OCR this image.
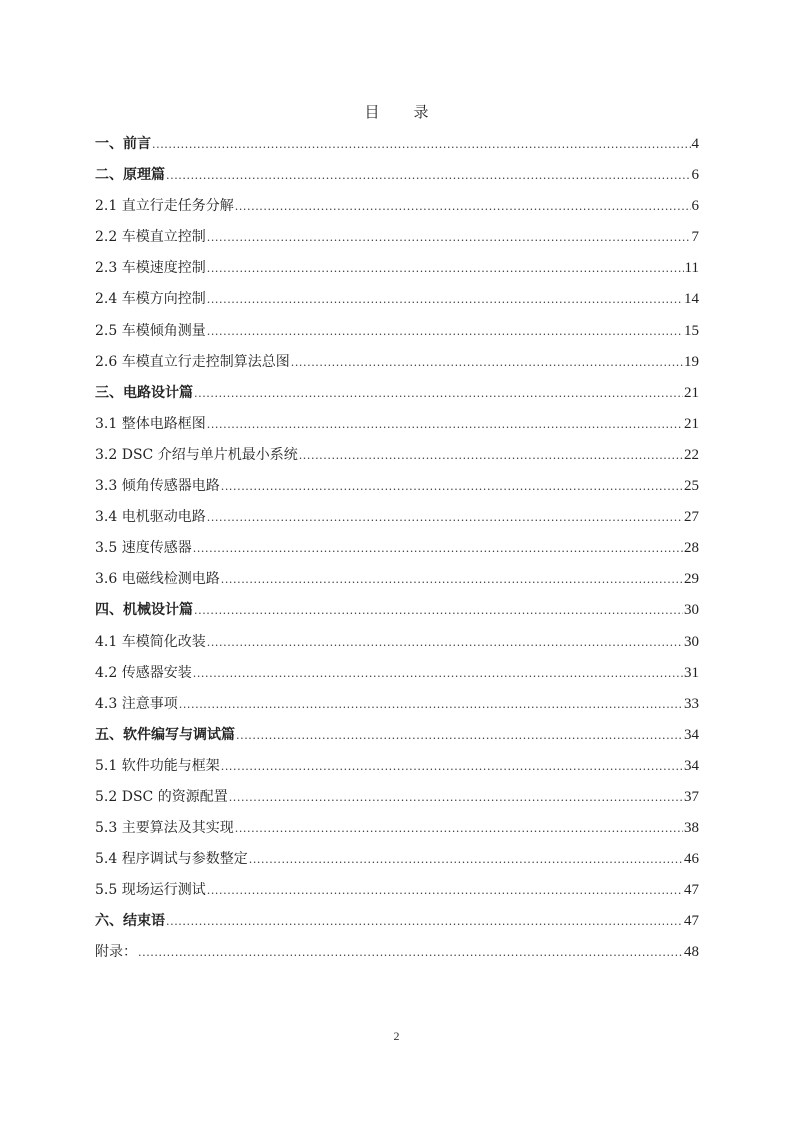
目 录
一、前言 .....	4
二、原理篇 .....	6
2.1 直立行走任务分解 .....	6
2.2 车模直立控制 .....	7
2.3 车模速度控制 .....	11
2.4 车模方向控制 .....	14
2.5 车模倾角测量 .....	15
2.6 车模直立行走控制算法总图 .....	19
三、电路设计篇 .....	21
3.1 整体电路框图 .....	21
3.2 DSC 介绍与单片机最小系统 .....	22
3.3 倾角传感器电路 .....	25
3.4 电机驱动电路 .....	27
3.5 速度传感器 .....	28
3.6 电磁线检测电路 .....	29
四、机械设计篇 .....	30
4.1 车模简化改装 .....	30
4.2 传感器安装 .....	31
4.3 注意事项 .....	33
五、软件编写与调试篇 .....	34
5.1 软件功能与框架 .....	34
5.2 DSC 的资源配置 .....	37
5.3 主要算法及其实现 .....	38
5.4 程序调试与参数整定 .....	46
5.5 现场运行测试 .....	47
六、结束语 .....	47
附录： .....	48
2
